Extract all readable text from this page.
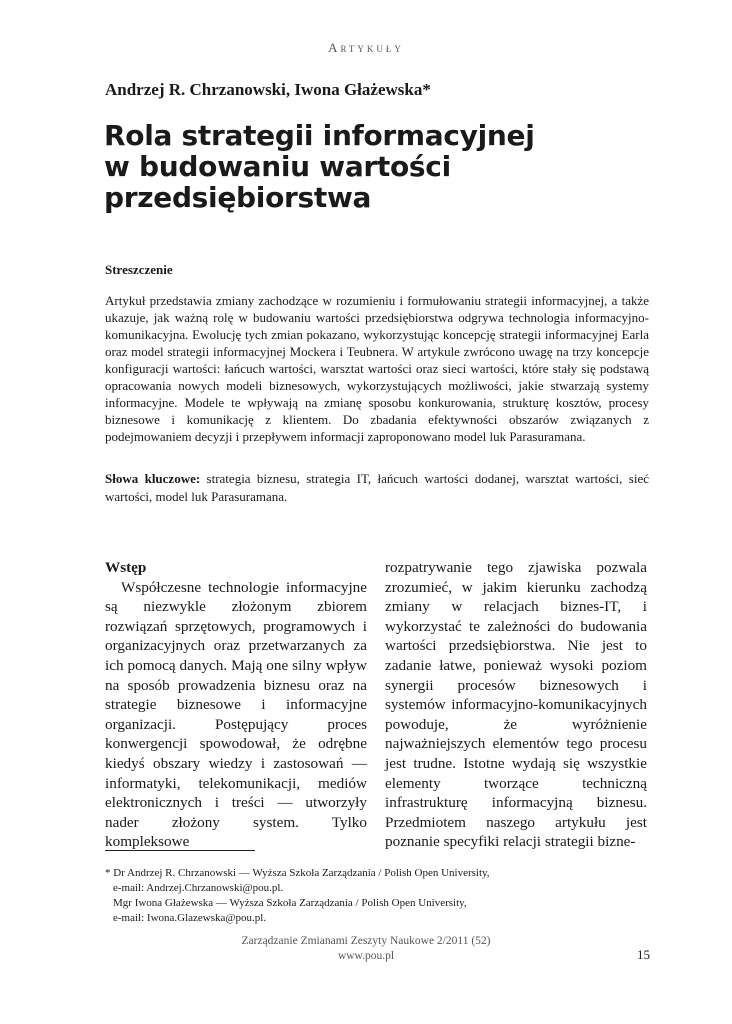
Artykuły
Andrzej R. Chrzanowski, Iwona Głażewska*
Rola strategii informacyjnej
w budowaniu wartości
przedsiębiorstwa
Streszczenie

Artykuł przedstawia zmiany zachodzące w rozumieniu i formułowaniu strategii informacyjnej, a także ukazuje, jak ważną rolę w budowaniu wartości przedsiębiorstwa odgrywa technologia informacyjno-komunikacyjna. Ewolucję tych zmian pokazano, wykorzystując koncepcję strategii informacyjnej Earla oraz model strategii informacyjnej Mockera i Teubnera. W artykule zwrócono uwagę na trzy koncepcje konfiguracji wartości: łańcuch wartości, warsztat wartości oraz sieci wartości, które stały się podstawą opracowania nowych modeli biznesowych, wykorzystujących możliwości, jakie stwarzają systemy informacyjne. Modele te wpływają na zmianę sposobu konkurowania, strukturę kosztów, procesy biznesowe i komunikację z klientem. Do zbadania efektywności obszarów związanych z podejmowaniem decyzji i przepływem informacji zaproponowano model luk Parasuramana.

Słowa kluczowe: strategia biznesu, strategia IT, łańcuch wartości dodanej, warsztat wartości, sieć wartości, model luk Parasuramana.

Wstęp

Współczesne technologie informacyjne są niezwykle złożonym zbiorem rozwiązań sprzętowych, programowych i organizacyjnych oraz przetwarzanych za ich pomocą danych. Mają one silny wpływ na sposób prowadzenia biznesu oraz na strategie biznesowe i informacyjne organizacji. Postępujący proces konwergencji spowodował, że odrębne kiedyś obszary wiedzy i zastosowań — informatyki, telekomunikacji, mediów elektronicznych i treści — utworzyły nader złożony system. Tylko kompleksowe

rozpatrywanie tego zjawiska pozwala zrozumieć, w jakim kierunku zachodzą zmiany w relacjach biznes-IT, i wykorzystać te zależności do budowania wartości przedsiębiorstwa. Nie jest to zadanie łatwe, ponieważ wysoki poziom synergii procesów biznesowych i systemów informacyjno-komunikacyjnych powoduje, że wyróżnienie najważniejszych elementów tego procesu jest trudne. Istotne wydają się wszystkie elementy tworzące techniczną infrastrukturę informacyjną biznesu. Przedmiotem naszego artykułu jest poznanie specyfiki relacji strategii bizne-

* Dr Andrzej R. Chrzanowski — Wyższa Szkoła Zarządzania / Polish Open University,
e-mail: Andrzej.Chrzanowski@pou.pl.
Mgr Iwona Głażewska — Wyższa Szkoła Zarządzania / Polish Open University,
e-mail: Iwona.Glazewska@pou.pl.
Zarządzanie Zmianami Zeszyty Naukowe 2/2011 (52)
www.pou.pl	15
